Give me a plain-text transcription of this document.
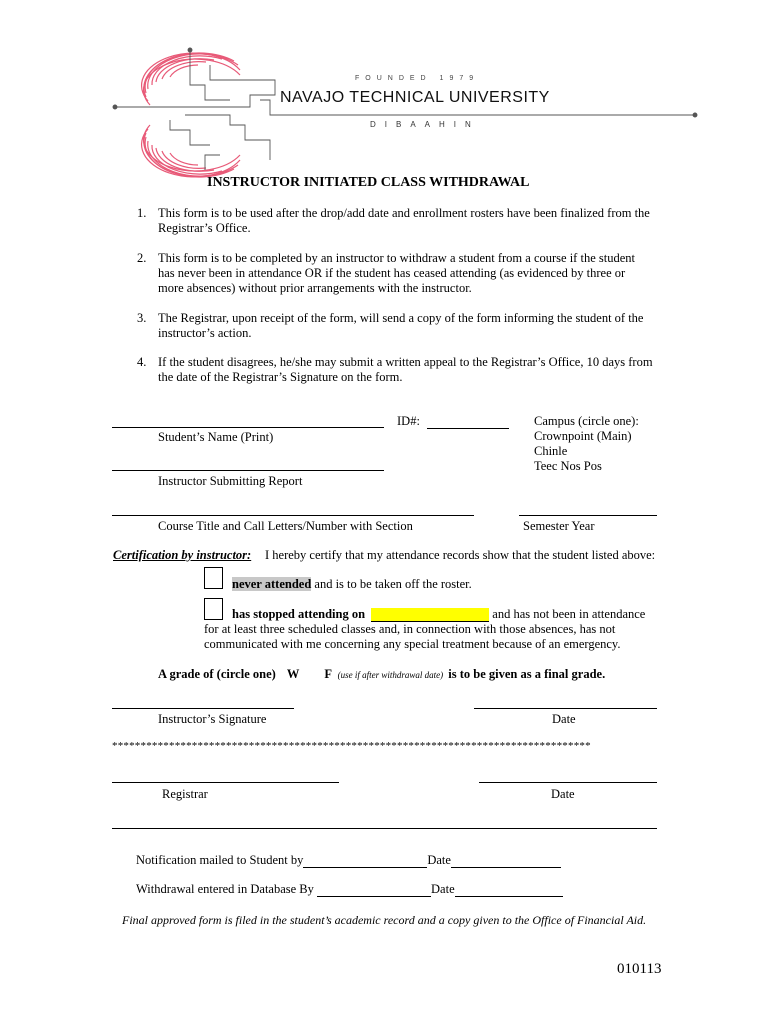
FOUNDED 1979
NAVAJO TECHNICAL UNIVERSITY
DIBAAHIN
INSTRUCTOR INITIATED CLASS WITHDRAWAL
1. This form is to be used after the drop/add date and enrollment rosters have been finalized from the
Registrar’s Office.
2. This form is to be completed by an instructor to withdraw a student from a course if the student
has never been in attendance OR if the student has ceased attending (as evidenced by three or
more absences) without prior arrangements with the instructor.
3. The Registrar, upon receipt of the form, will send a copy of the form informing the student of the
instructor’s action.
4. If the student disagrees, he/she may submit a written appeal to the Registrar’s Office, 10 days from
the date of the Registrar’s Signature on the form.
Student’s Name (Print)
ID#:	Campus (circle one):
Crownpoint (Main)
Chinle
Teec Nos Pos
Instructor Submitting Report
Course Title and Call Letters/Number with Section	Semester Year
Certification by instructor: I hereby certify that my attendance records show that the student listed above:
never attended and is to be taken off the roster.
has stopped attending on	and has not been in attendance
for at least three scheduled classes and, in connection with those absences, has not
communicated with me concerning any special treatment because of an emergency.
A grade of (circle one) W F (use if after withdrawal date) is to be given as a final grade.
Instructor’s Signature	Date
************************************************************************************
Registrar	Date
Notification mailed to Student by	Date
Withdrawal entered in Database By	Date
Final approved form is filed in the student’s academic record and a copy given to the Office of Financial Aid.
010113
